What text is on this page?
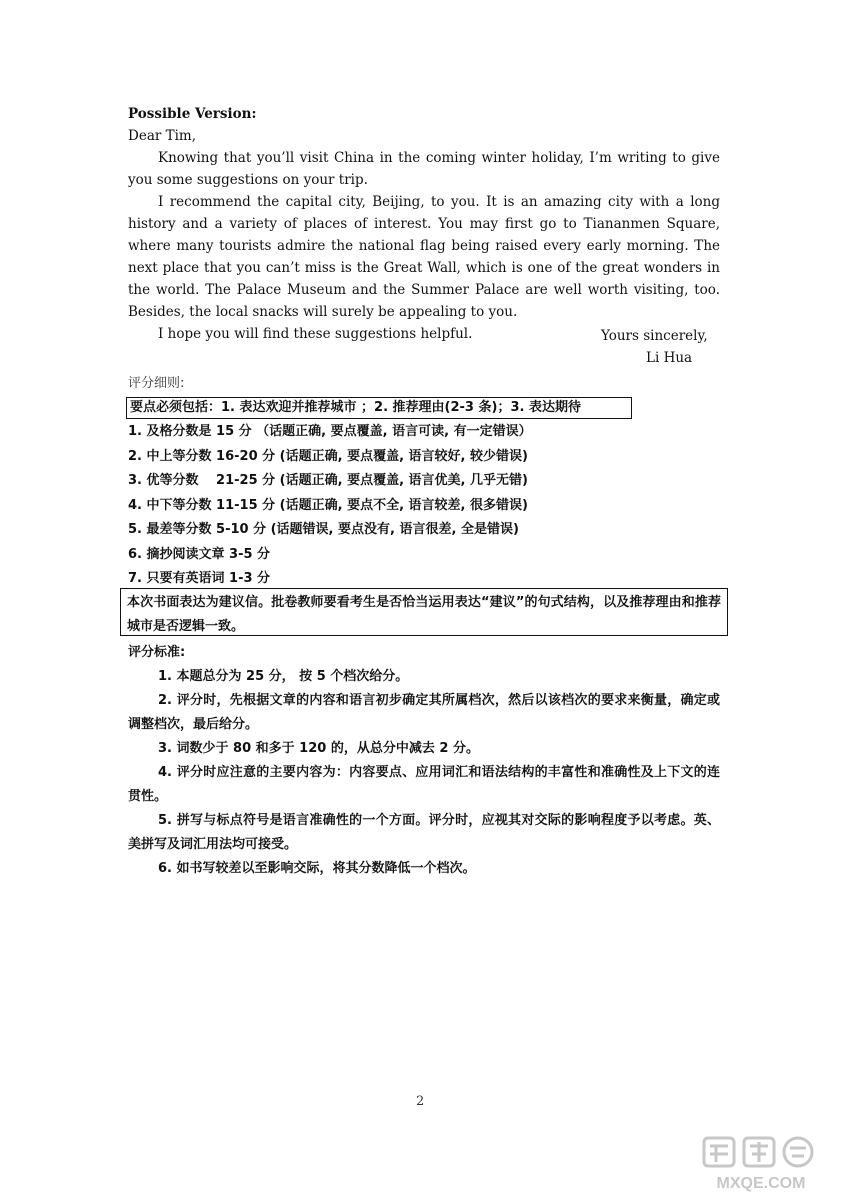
Possible Version:
Dear Tim,
Knowing that you’ll visit China in the coming winter holiday, I’m writing to give you some suggestions on your trip.
I recommend the capital city, Beijing, to you. It is an amazing city with a long history and a variety of places of interest. You may first go to Tiananmen Square, where many tourists admire the national flag being raised every early morning. The next place that you can’t miss is the Great Wall, which is one of the great wonders in the world. The Palace Museum and the Summer Palace are well worth visiting, too. Besides, the local snacks will surely be appealing to you.
I hope you will find these suggestions helpful.	Yours sincerely,
Li Hua
评分细则:
要点必须包括：1. 表达欢迎并推荐城市 ；2. 推荐理由(2-3 条)；3. 表达期待
1. 及格分数是 15 分 （话题正确, 要点覆盖, 语言可读, 有一定错误）
2. 中上等分数 16-20 分 (话题正确, 要点覆盖, 语言较好, 较少错误)
3. 优等分数　 21-25 分 (话题正确, 要点覆盖, 语言优美, 几乎无错)
4. 中下等分数 11-15 分 (话题正确, 要点不全, 语言较差, 很多错误)
5. 最差等分数 5-10 分 (话题错误, 要点没有, 语言很差, 全是错误)
6. 摘抄阅读文章 3-5 分
7. 只要有英语词 1-3 分
本次书面表达为建议信。批卷教师要看考生是否恰当运用表达“建议”的句式结构，以及推荐理由和推荐城市是否逻辑一致。
评分标准:
1. 本题总分为 25 分， 按 5 个档次给分。
2. 评分时，先根据文章的内容和语言初步确定其所属档次，然后以该档次的要求来衡量，确定或调整档次，最后给分。
3. 词数少于 80 和多于 120 的，从总分中减去 2 分。
4. 评分时应注意的主要内容为：内容要点、应用词汇和语法结构的丰富性和准确性及上下文的连贯性。
5. 拼写与标点符号是语言准确性的一个方面。评分时，应视其对交际的影响程度予以考虑。英、美拼写及词汇用法均可接受。
6. 如书写较差以至影响交际，将其分数降低一个档次。
2
MXQE.COM
